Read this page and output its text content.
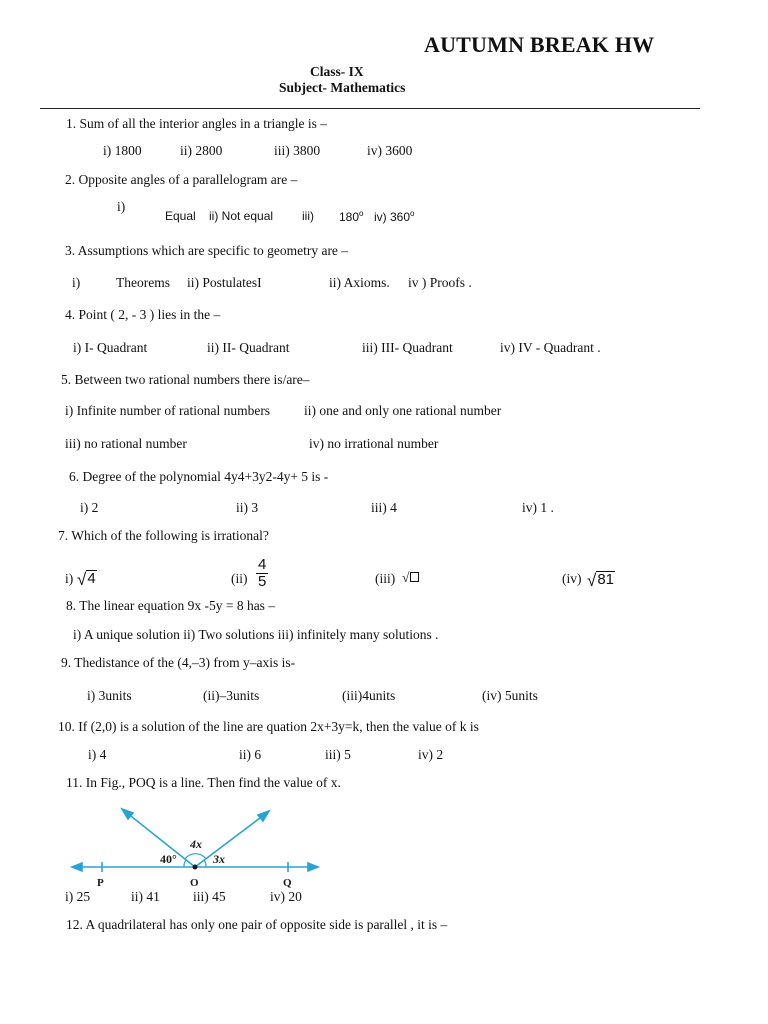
AUTUMN BREAK HW
Class- IX
Subject- Mathematics
1. Sum of all the interior angles in a triangle is –
i) 1800	ii) 2800	iii) 3800	iv) 3600
2. Opposite angles of a parallelogram are –
i)
Equal ii) Not equal iii) 180$^o$ iv) 360$^o$
3. Assumptions which are specific to geometry are –
i)	Theorems ii) PostulatesI	ii) Axioms. iv ) Proofs .
4. Point ( 2, - 3 ) lies in the –
i) I- Quadrant	ii) II- Quadrant	iii) III- Quadrant	iv) IV - Quadrant .
5. Between two rational numbers there is/are–
i) Infinite number of rational numbers	ii) one and only one rational number
iii) no rational number	iv) no irrational number
6. Degree of the polynomial 4y4+3y2-4y+ 5 is -
i) 2	ii) 3	iii) 4	iv) 1 .
7. Which of the following is irrational?
i) √ 4	$(ii) \frac{4}{5}$	(iii) √	(iv) √ 81
8. The linear equation 9x -5y = 8 has –
i) A unique solution ii) Two solutions iii) infinitely many solutions .
9. Thedistance of the (4,–3) from y–axis is-
i) 3units	(ii)–3units	(iii)4units	(iv) 5units
10. If (2,0) is a solution of the line are quation 2x+3y=k, then the value of k is
i) 4	ii) 6	iii) 5	iv) 2
11. In Fig., POQ is a line. Then find the value of x.
40°
4x
3x
P	O	Q
i) 25	ii) 41 iii) 45	iv) 20
12. A quadrilateral has only one pair of opposite side is parallel , it is –
